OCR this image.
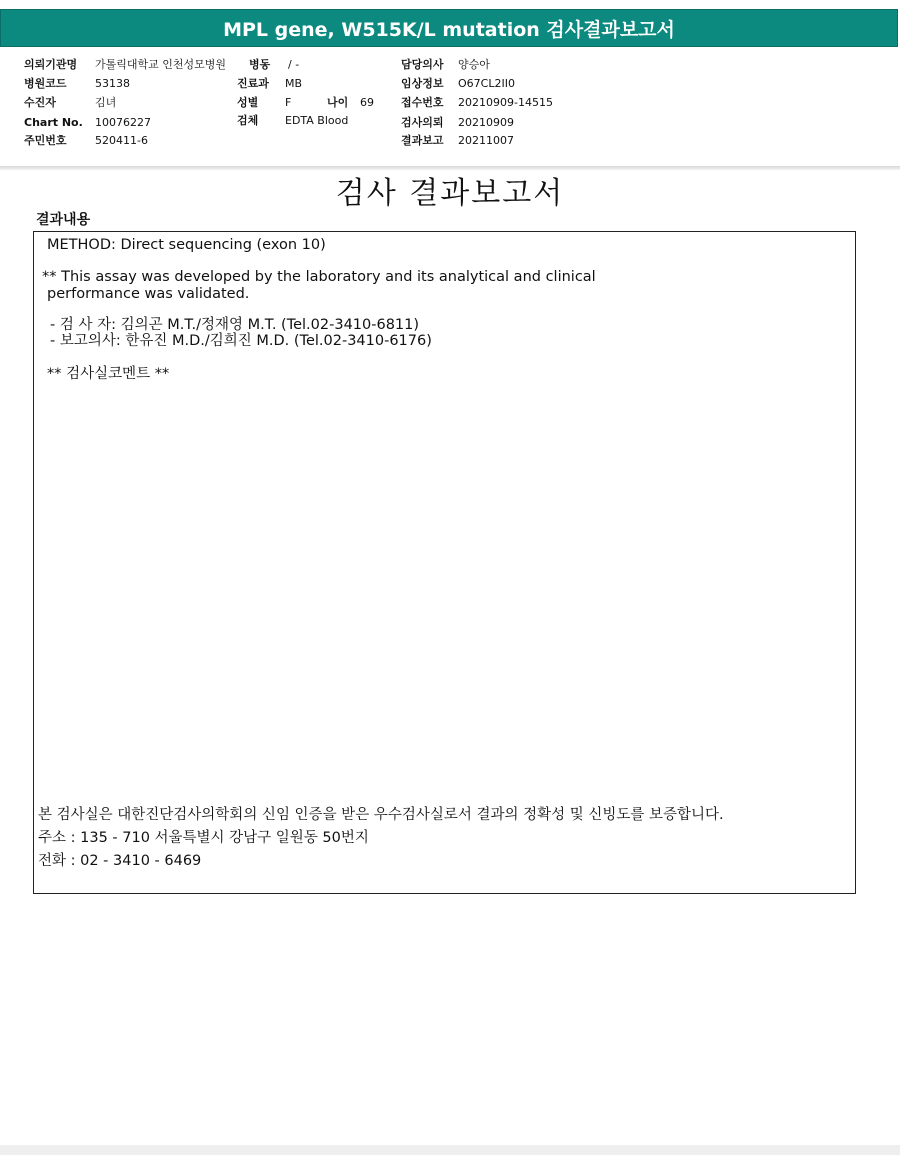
MPL gene, W515K/L mutation 검사결과보고서
의뢰기관명 가톨릭대학교 인천성모병원 병동 / -	담당의사 양승아
병원코드	53138	진료과 MB	임상정보 O67CL2II0
수진자	김녀	성별 F	나이 69 접수번호 20210909-14515
Chart No. 10076227	검체 EDTA Blood	검사의뢰 20210909
주민번호	520411-6	결과보고 20211007
검사 결과보고서
결과내용
METHOD: Direct sequencing (exon 10)
** This assay was developed by the laboratory and its analytical and clinical
performance was validated.
- 검 사 자: 김의곤 M.T./정재영 M.T. (Tel.02-3410-6811)
- 보고의사: 한유진 M.D./김희진 M.D. (Tel.02-3410-6176)
** 검사실코멘트 **
본 검사실은 대한진단검사의학회의 신임 인증을 받은 우수검사실로서 결과의 정확성 및 신빙도를 보증합니다.
주소 : 135 - 710 서울특별시 강남구 일원동 50번지
전화 : 02 - 3410 - 6469
